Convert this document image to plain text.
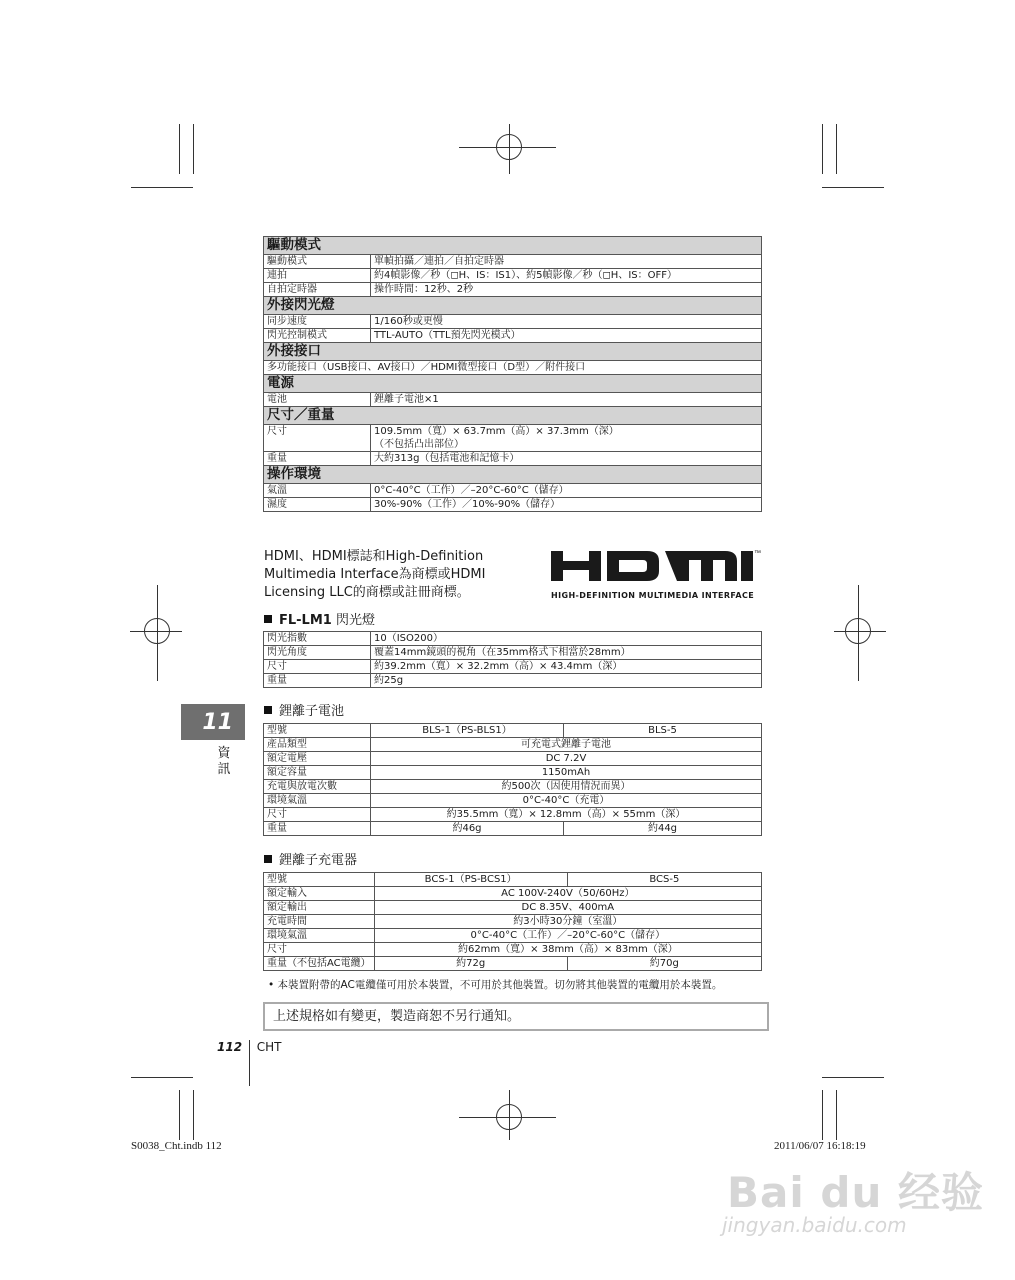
驅動模式	
驅動模式	單幀拍攝／連拍／自拍定時器
連拍	約4幀影像／秒（◻H、IS：IS1）、約5幀影像／秒（◻H、IS：OFF）
自拍定時器	操作時間：12秒、2秒
外接閃光燈	
同步速度	1/160秒或更慢
閃光控制模式	TTL-AUTO（TTL預先閃光模式）
外接接口	
多功能接口（USB接口、AV接口）／HDMI微型接口（D型）／附件接口	
電源	
電池	鋰離子電池×1
尺寸／重量	
尺寸	109.5mm（寬）× 63.7mm（高）× 37.3mm（深）
（不包括凸出部位）

重量	大約313g（包括電池和記憶卡）
操作環境	
氣溫	0°C-40°C（工作）／–20°C-60°C（儲存）
濕度	30%-90%（工作）／10%-90%（儲存）
HDMI、HDMI標誌和High-Definition
Multimedia Interface為商標或HDMI
Licensing LLC的商標或註冊商標。
™
HIGH-DEFINITION MULTIMEDIA INTERFACE
FL-LM1 閃光燈
閃光指數	10（ISO200）
閃光角度	覆蓋14mm鏡頭的視角（在35mm格式下相當於28mm）
尺寸	約39.2mm（寬）× 32.2mm（高）× 43.4mm（深）
重量	約25g
11
資訊
鋰離子電池
型號	BLS-1（PS-BLS1）	BLS-5
產品類型	可充電式鋰離子電池	
額定電壓	DC 7.2V	
額定容量	1150mAh	
充電與放電次數	約500次（因使用情況而異）	
環境氣溫	0°C-40°C（充電）	
尺寸	約35.5mm（寬）× 12.8mm（高）× 55mm（深）	
重量	約46g	約44g
鋰離子充電器
型號	BCS-1（PS-BCS1）	BCS-5
額定輸入	AC 100V-240V（50/60Hz）	
額定輸出	DC 8.35V、400mA	
充電時間	約3小時30分鐘（室溫）	
環境氣溫	0°C-40°C（工作）／–20°C-60°C（儲存）	
尺寸	約62mm（寬）× 38mm（高）× 83mm（深）	
重量（不包括AC電纜）	約72g	約70g
• 本裝置附帶的AC電纜僅可用於本裝置，不可用於其他裝置。切勿將其他裝置的電纜用於本裝置。
上述規格如有變更，製造商恕不另行通知。
112 CHT
S0038_Cht.indb 112	2011/06/07 16:18:19
Bai du 经验
jingyan.baidu.com
